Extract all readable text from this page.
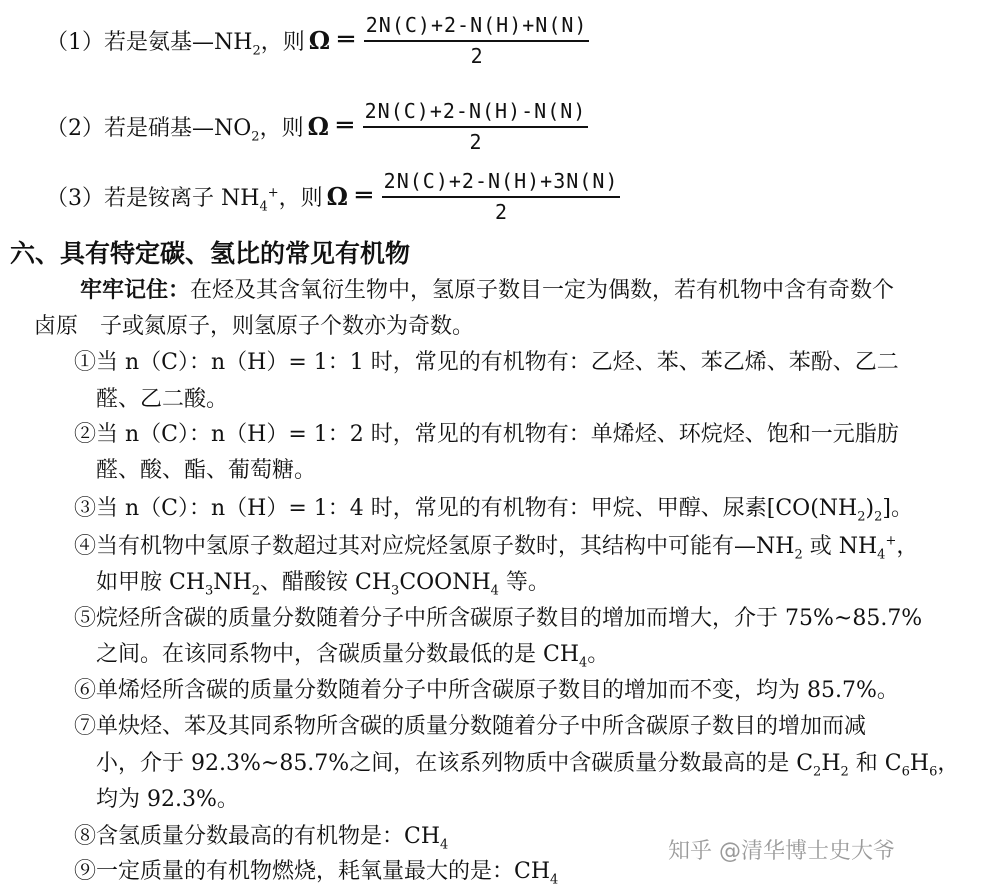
（1）若是氨基$—NH_2$，则 Ω ═ $\frac{2N(C)+2-N(H)+N(N)}{2}$
（2）若是硝基$—NO_2$，则 Ω ═ $\frac{2N(C)+2-N(H)-N(N)}{2}$
（3）若是铵离子 $NH_4^+$，则 Ω ═ $\frac{2N(C)+2-N(H)+3N(N)}{2}$
六、具有特定碳、氢比的常见有机物
牢牢记住：在烃及其含氧衍生物中，氢原子数目一定为偶数，若有机物中含有奇数个
卤原　子或氮原子，则氢原子个数亦为奇数。
①当 n（C）：n（H）= 1：1 时，常见的有机物有：乙烃、苯、苯乙烯、苯酚、乙二
醛、乙二酸。
②当 n（C）：n（H）= 1：2 时，常见的有机物有：单烯烃、环烷烃、饱和一元脂肪
醛、酸、酯、葡萄糖。
③当 n（C）：n（H）= 1：4 时，常见的有机物有：甲烷、甲醇、尿素$[CO(NH_2)_2]$。
④当有机物中氢原子数超过其对应烷烃氢原子数时，其结构中可能有$—NH_2$ 或 $NH_4^+$，
如甲胺 $CH_3NH_2$、醋酸铵 $CH_3COONH_4$ 等。
⑤烷烃所含碳的质量分数随着分子中所含碳原子数目的增加而增大，介于 75%~85.7%
之间。在该同系物中，含碳质量分数最低的是 $CH_4$。
⑥单烯烃所含碳的质量分数随着分子中所含碳原子数目的增加而不变，均为 85.7%。
⑦单炔烃、苯及其同系物所含碳的质量分数随着分子中所含碳原子数目的增加而减
小，介于 92.3%~85.7%之间，在该系列物质中含碳质量分数最高的是 $C_2H_2$ 和 $C_6H_6$，
均为 92.3%。
⑧含氢质量分数最高的有机物是：$CH_4$
⑨一定质量的有机物燃烧，耗氧量最大的是：$CH_4$
知乎 @清华博士史大爷
